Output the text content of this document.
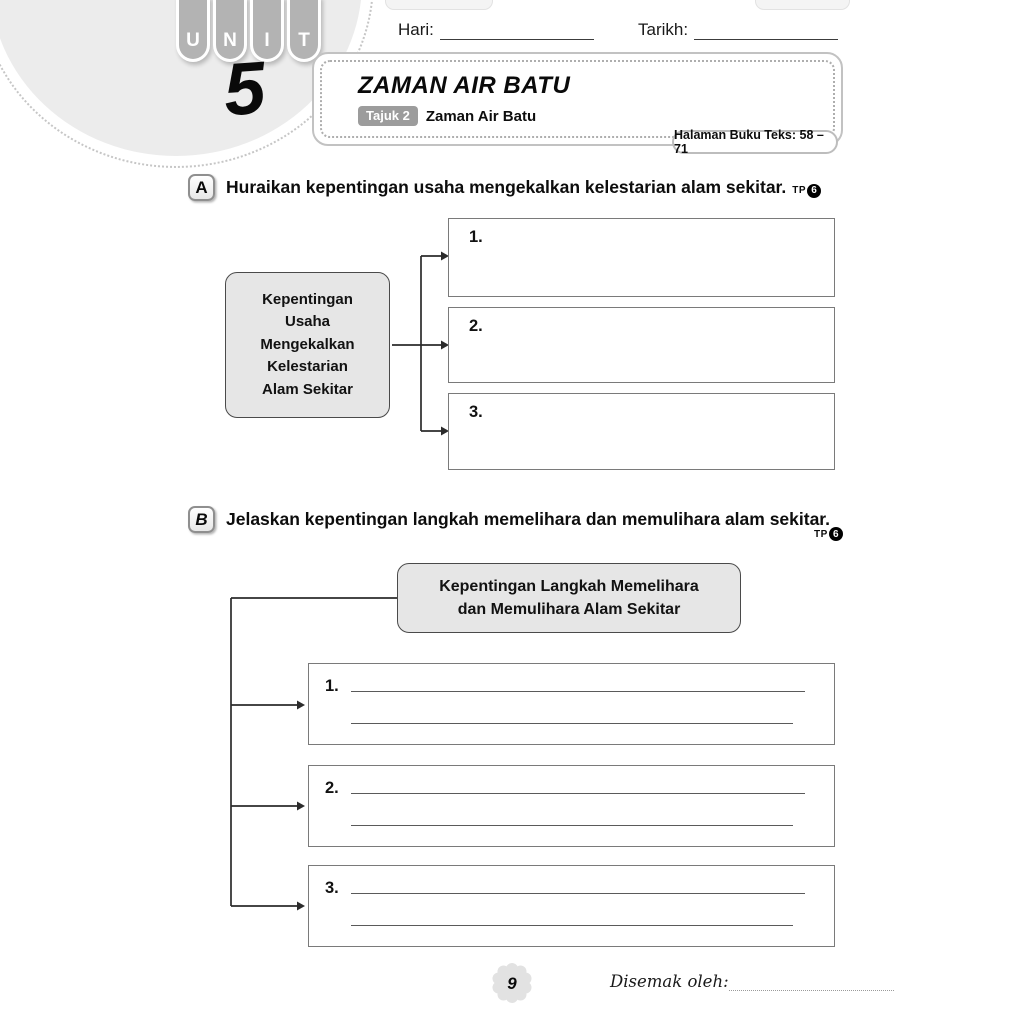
U N I T
5
Hari:	Tarikh:
ZAMAN AIR BATU
Tajuk 2	Zaman Air Batu
Halaman Buku Teks: 58 – 71
A	Huraikan kepentingan usaha mengekalkan kelestarian alam sekitar. TP 6
Kepentingan Usaha Mengekalkan Kelestarian Alam Sekitar
1.
2.
3.
B	Jelaskan kepentingan langkah memelihara dan memulihara alam sekitar.
TP 6
Kepentingan Langkah Memelihara
dan Memulihara Alam Sekitar
1.
2.
3.
9	Disemak oleh:
